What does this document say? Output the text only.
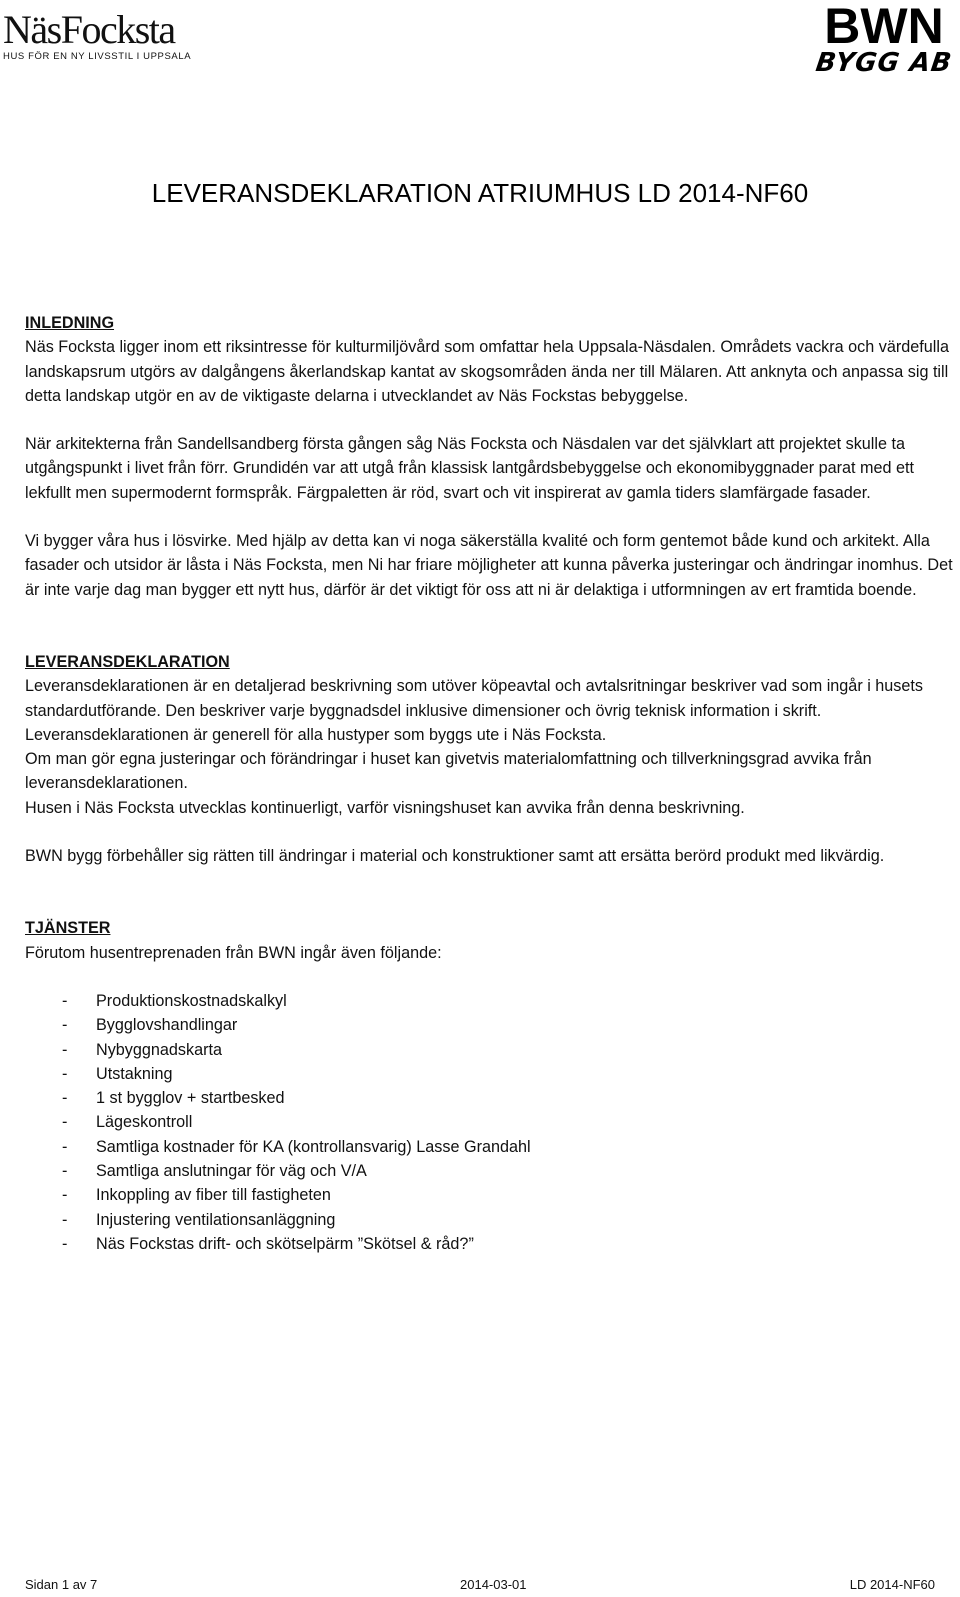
NäsFocksta
HUS FÖR EN NY LIVSSTIL I UPPSALA
BWN
BYGG AB
LEVERANSDEKLARATION ATRIUMHUS LD 2014-NF60

INLEDNING

Näs Focksta ligger inom ett riksintresse för kulturmiljövård som omfattar hela Uppsala-Näsdalen. Områdets vackra och värdefulla landskapsrum utgörs av dalgångens åkerlandskap kantat av skogsområden ända ner till Mälaren. Att anknyta och anpassa sig till detta landskap utgör en av de viktigaste delarna i utvecklandet av Näs Fockstas bebyggelse.

När arkitekterna från Sandellsandberg första gången såg Näs Focksta och Näsdalen var det självklart att projektet skulle ta utgångspunkt i livet från förr. Grundidén var att utgå från klassisk lantgårdsbebyggelse och ekonomibyggnader parat med ett lekfullt men supermodernt formspråk. Färgpaletten är röd, svart och vit inspirerat av gamla tiders slamfärgade fasader.

Vi bygger våra hus i lösvirke. Med hjälp av detta kan vi noga säkerställa kvalité och form gentemot både kund och arkitekt. Alla fasader och utsidor är låsta i Näs Focksta, men Ni har friare möjligheter att kunna påverka justeringar och ändringar inomhus. Det är inte varje dag man bygger ett nytt hus, därför är det viktigt för oss att ni är delaktiga i utformningen av ert framtida boende.

LEVERANSDEKLARATION

Leveransdeklarationen är en detaljerad beskrivning som utöver köpeavtal och avtalsritningar beskriver vad som ingår i husets standardutförande. Den beskriver varje byggnadsdel inklusive dimensioner och övrig teknisk information i skrift.

Leveransdeklarationen är generell för alla hustyper som byggs ute i Näs Focksta.

Om man gör egna justeringar och förändringar i huset kan givetvis materialomfattning och tillverkningsgrad avvika från leveransdeklarationen.

Husen i Näs Focksta utvecklas kontinuerligt, varför visningshuset kan avvika från denna beskrivning.

BWN bygg förbehåller sig rätten till ändringar i material och konstruktioner samt att ersätta berörd produkt med likvärdig.

TJÄNSTER

Förutom husentreprenaden från BWN ingår även följande:

- Produktionskostnadskalkyl
- Bygglovshandlingar
- Nybyggnadskarta
- Utstakning
- 1 st bygglov + startbesked
- Lägeskontroll
- Samtliga kostnader för KA (kontrollansvarig) Lasse Grandahl
- Samtliga anslutningar för väg och V/A
- Inkoppling av fiber till fastigheten
- Injustering ventilationsanläggning
- Näs Fockstas drift- och skötselpärm ”Skötsel & råd?”
Sidan 1 av 7	2014-03-01	LD 2014-NF60
